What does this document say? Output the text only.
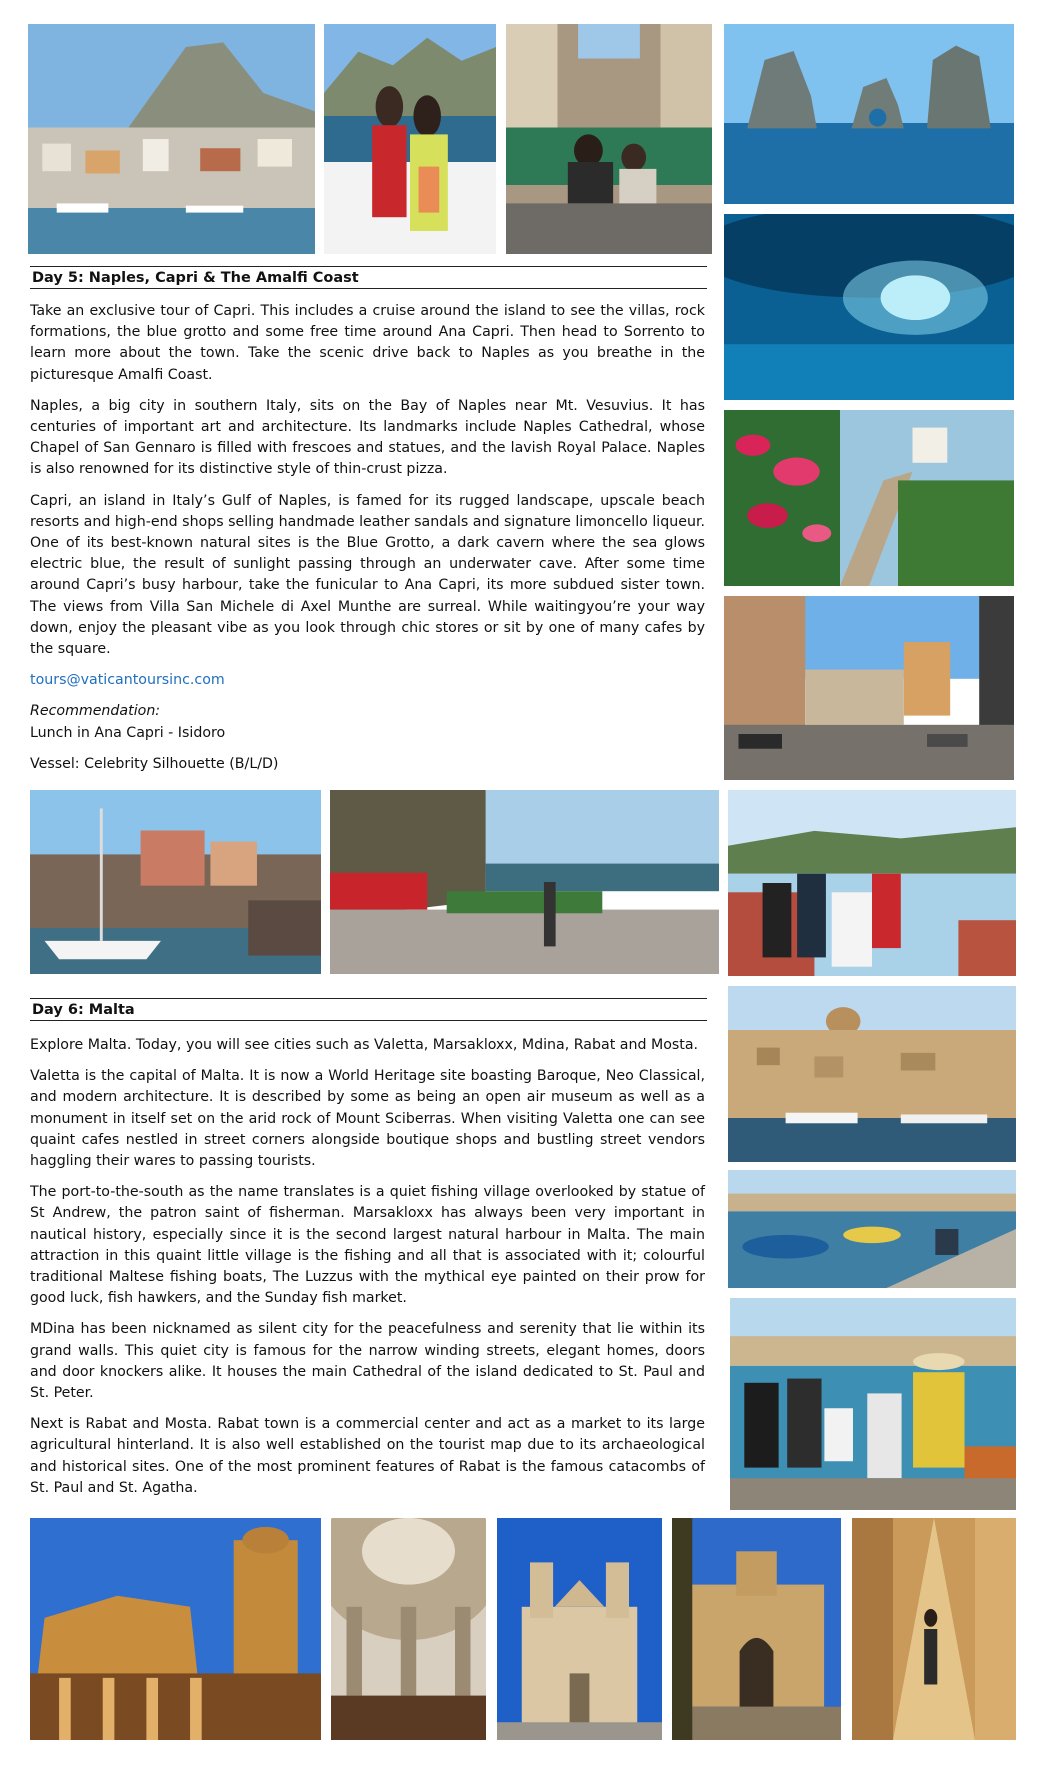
Day 5: Naples, Capri & The Amalfi Coast

Take an exclusive tour of Capri. This includes a cruise around the island to see the villas, rock formations, the blue grotto and some free time around Ana Capri. Then head to Sorrento to learn more about the town. Take the scenic drive back to Naples as you breathe in the picturesque Amalfi Coast.

Naples, a big city in southern Italy, sits on the Bay of Naples near Mt. Vesuvius. It has centuries of important art and architecture. Its landmarks include Naples Cathedral, whose Chapel of San Gennaro is filled with frescoes and statues, and the lavish Royal Palace. Naples is also renowned for its distinctive style of thin-crust pizza.

Capri, an island in Italy’s Gulf of Naples, is famed for its rugged landscape, upscale beach resorts and high-end shops selling handmade leather sandals and signature limoncello liqueur. One of its best-known natural sites is the Blue Grotto, a dark cavern where the sea glows electric blue, the result of sunlight passing through an underwater cave. After some time around Capri’s busy harbour, take the funicular to Ana Capri, its more subdued sister town. The views from Villa San Michele di Axel Munthe are surreal. While waitingyou’re your way down, enjoy the pleasant vibe as you look through chic stores or sit by one of many cafes by the square.

tours@vaticantoursinc.com
Recommendation:
Lunch in Ana Capri - Isidoro
Vessel: Celebrity Silhouette (B/L/D)
Day 6: Malta

Explore Malta. Today, you will see cities such as Valetta, Marsakloxx, Mdina, Rabat and Mosta.

Valetta is the capital of Malta. It is now a World Heritage site boasting Baroque, Neo Classical, and modern architecture. It is described by some as being an open air museum as well as a monument in itself set on the arid rock of Mount Sciberras. When visiting Valetta one can see quaint cafes nestled in street corners alongside boutique shops and bustling street vendors haggling their wares to passing tourists.

The port-to-the-south as the name translates is a quiet fishing village overlooked by statue of St Andrew, the patron saint of fisherman. Marsakloxx has always been very important in nautical history, especially since it is the second largest natural harbour in Malta. The main attraction in this quaint little village is the fishing and all that is associated with it; colourful traditional Maltese fishing boats, The Luzzus with the mythical eye painted on their prow for good luck, fish hawkers, and the Sunday fish market.

MDina has been nicknamed as silent city for the peacefulness and serenity that lie within its grand walls. This quiet city is famous for the narrow winding streets, elegant homes, doors and door knockers alike. It houses the main Cathedral of the island dedicated to St. Paul and St. Peter.

Next is Rabat and Mosta. Rabat town is a commercial center and act as a market to its large agricultural hinterland. It is also well established on the tourist map due to its archaeological and historical sites. One of the most prominent features of Rabat is the famous catacombs of St. Paul and St. Agatha.
